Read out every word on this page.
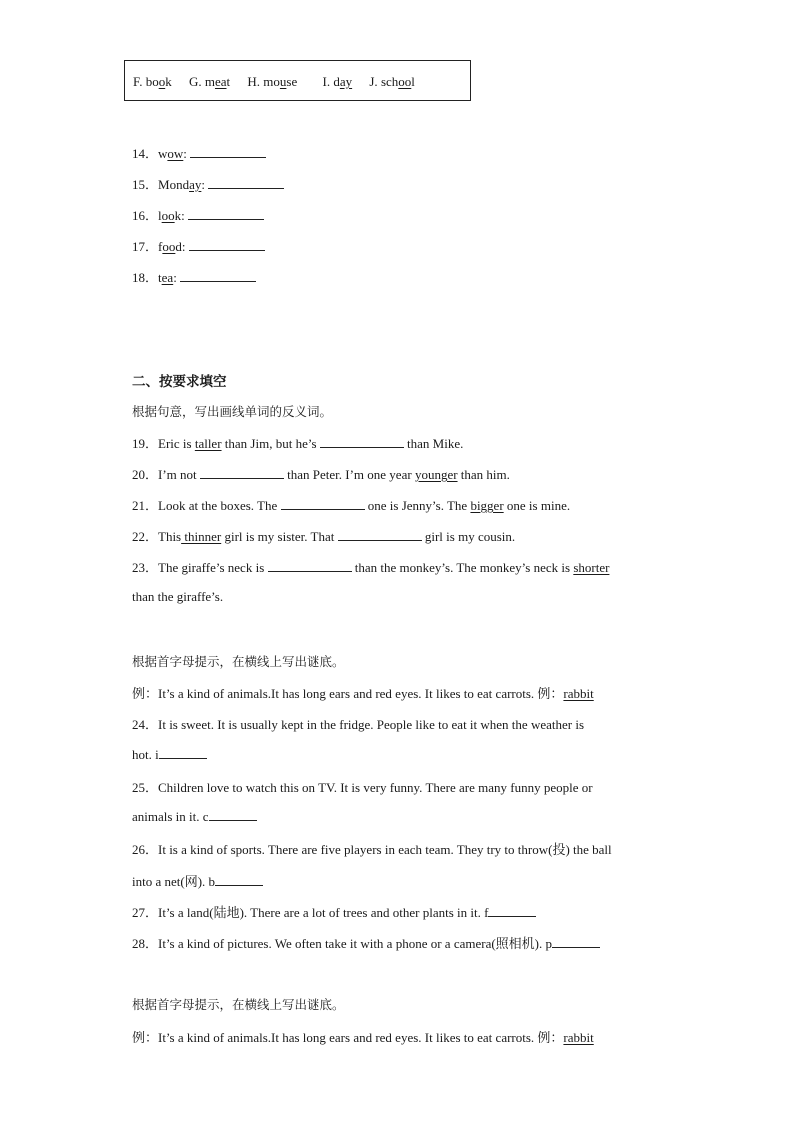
F. book G. meat H. mouse I. day J. school
14．wow:
15．Monday:
16．look:
17．food:
18．tea:
二、按要求填空
根据句意，写出画线单词的反义词。
19．Eric is taller than Jim, but he’s	than Mike.
20．I’m not	than Peter. I’m one year younger than him.
21．Look at the boxes. The	one is Jenny’s. The bigger one is mine.
22．This thinner girl is my sister. That	girl is my cousin.
23．The giraffe’s neck is	than the monkey’s. The monkey’s neck is shorter
than the giraffe’s.
根据首字母提示，在横线上写出谜底。
例：It’s a kind of animals.It has long ears and red eyes. It likes to eat carrots. 例：rabbit
24．It is sweet. It is usually kept in the fridge. People like to eat it when the weather is
hot. i
25．Children love to watch this on TV. It is very funny. There are many funny people or
animals in it. c
26．It is a kind of sports. There are five players in each team. They try to throw(投) the ball
into a net(网). b
27．It’s a land(陆地). There are a lot of trees and other plants in it. f
28．It’s a kind of pictures. We often take it with a phone or a camera(照相机). p
根据首字母提示，在横线上写出谜底。
例：It’s a kind of animals.It has long ears and red eyes. It likes to eat carrots. 例：rabbit
